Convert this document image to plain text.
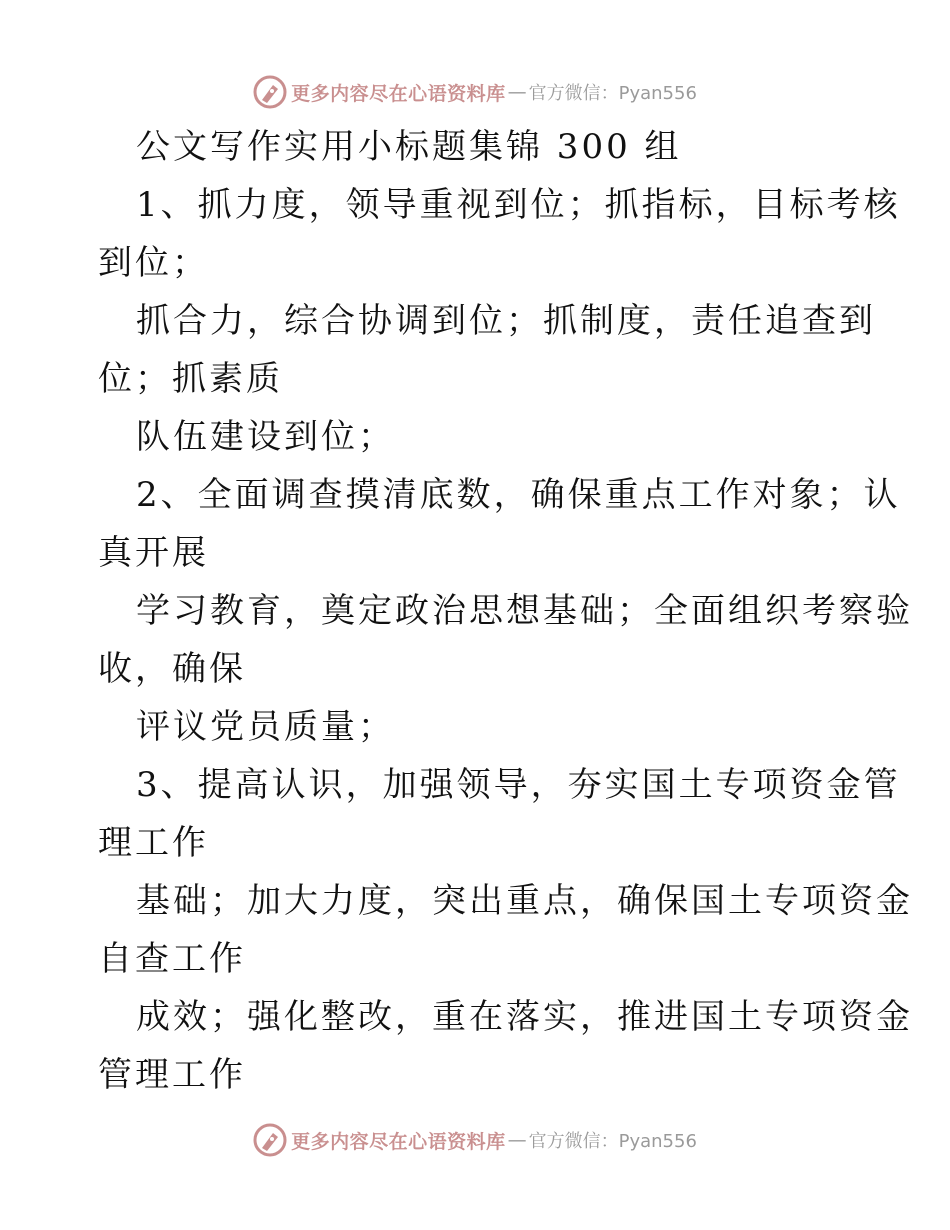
更多内容尽在心语资料库 — 官方微信：Pyan556
公文写作实用小标题集锦 300 组
1、抓力度，领导重视到位；抓指标，目标考核
到位；
抓合力，综合协调到位；抓制度，责任追查到
位；抓素质
队伍建设到位；
2、全面调查摸清底数，确保重点工作对象；认
真开展
学习教育，奠定政治思想基础；全面组织考察验
收，确保
评议党员质量；
3、提高认识，加强领导，夯实国土专项资金管
理工作
基础；加大力度，突出重点，确保国土专项资金
自查工作
成效；强化整改，重在落实，推进国土专项资金
管理工作
更多内容尽在心语资料库 — 官方微信：Pyan556
